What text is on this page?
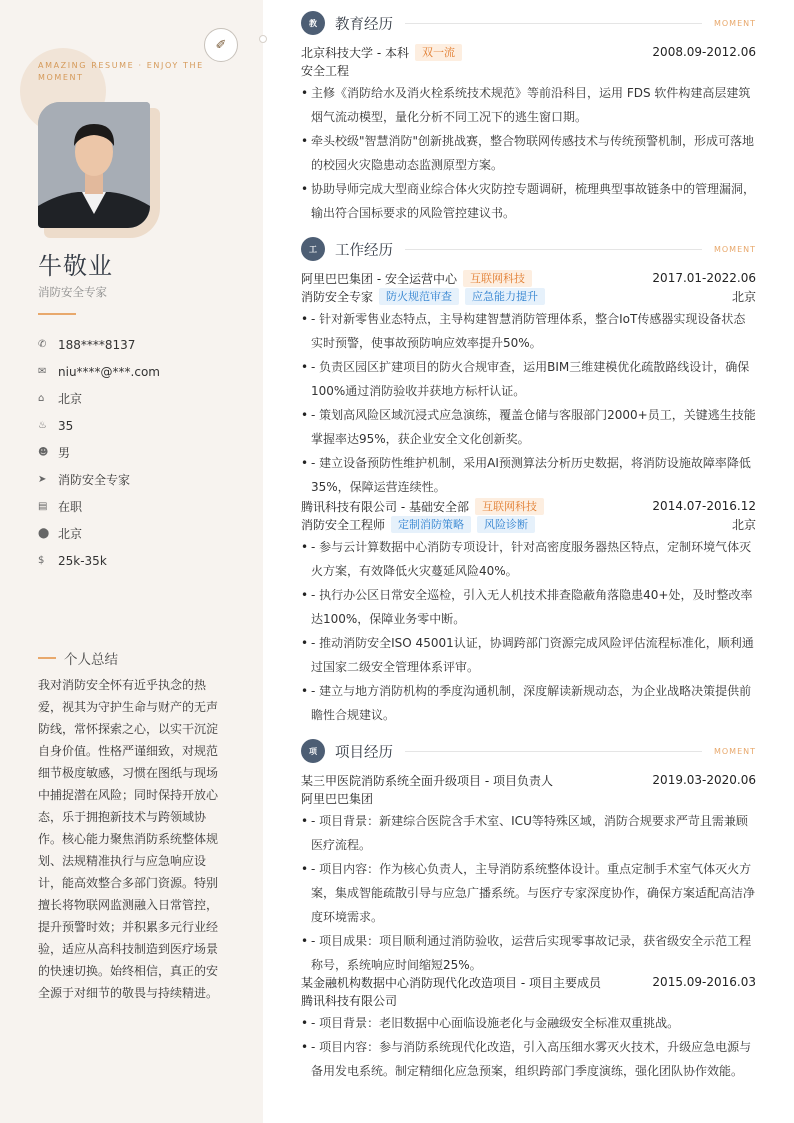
AMAZING RESUME · ENJOY THE MOMENT
牛敬业
消防安全专家
✆ 188****8137
✉ niu****@***.com
⌂	北京
♨ 35
☻ 男
➤ 消防安全专家
▤ 在职
⬤ 北京
$	25k-35k
个人总结
我对消防安全怀有近乎执念的热爱，视其为守护生命与财产的无声防线，常怀探索之心，以实干沉淀自身价值。性格严谨细致，对规范细节极度敏感，习惯在图纸与现场中捕捉潜在风险；同时保持开放心态，乐于拥抱新技术与跨领域协作。核心能力聚焦消防系统整体规划、法规精准执行与应急响应设计，能高效整合多部门资源。特别擅长将物联网监测融入日常管控，提升预警时效；并积累多元行业经验，适应从高科技制造到医疗场景的快速切换。始终相信，真正的安全源于对细节的敬畏与持续精进。
✐
教	教育经历	MOMENT
北京科技大学 - 本科	双一流	2008.09-2012.06
安全工程
• 主修《消防给水及消火栓系统技术规范》等前沿科目，运用 FDS 软件构建高层建筑烟气流动模型，量化分析不同工况下的逃生窗口期。
• 牵头校级"智慧消防"创新挑战赛，整合物联网传感技术与传统预警机制，形成可落地的校园火灾隐患动态监测原型方案。
• 协助导师完成大型商业综合体火灾防控专题调研，梳理典型事故链条中的管理漏洞，输出符合国标要求的风险管控建议书。
工	工作经历	MOMENT
阿里巴巴集团 - 安全运营中心	互联网科技	2017.01-2022.06
消防安全专家	防火规范审查	应急能力提升	北京
• - 针对新零售业态特点，主导构建智慧消防管理体系，整合IoT传感器实现设备状态实时预警，使事故预防响应效率提升50%。
• - 负责区园区扩建项目的防火合规审查，运用BIM三维建模优化疏散路线设计，确保100%通过消防验收并获地方标杆认证。
• - 策划高风险区域沉浸式应急演练，覆盖仓储与客服部门2000+员工，关键逃生技能掌握率达95%，获企业安全文化创新奖。
• - 建立设备预防性维护机制，采用AI预测算法分析历史数据，将消防设施故障率降低35%，保障运营连续性。
腾讯科技有限公司 - 基础安全部	互联网科技	2014.07-2016.12
消防安全工程师	定制消防策略	风险诊断	北京
• - 参与云计算数据中心消防专项设计，针对高密度服务器热区特点，定制环境气体灭火方案，有效降低火灾蔓延风险40%。
• - 执行办公区日常安全巡检，引入无人机技术排查隐蔽角落隐患40+处，及时整改率达100%，保障业务零中断。
• - 推动消防安全ISO 45001认证，协调跨部门资源完成风险评估流程标准化，顺利通过国家二级安全管理体系评审。
• - 建立与地方消防机构的季度沟通机制，深度解读新规动态，为企业战略决策提供前瞻性合规建议。
项	项目经历	MOMENT
某三甲医院消防系统全面升级项目 - 项目负责人	2019.03-2020.06
阿里巴巴集团
• - 项目背景：新建综合医院含手术室、ICU等特殊区域，消防合规要求严苛且需兼顾医疗流程。
• - 项目内容：作为核心负责人，主导消防系统整体设计。重点定制手术室气体灭火方案，集成智能疏散引导与应急广播系统。与医疗专家深度协作，确保方案适配高洁净度环境需求。
• - 项目成果：项目顺利通过消防验收，运营后实现零事故记录，获省级安全示范工程称号，系统响应时间缩短25%。
某金融机构数据中心消防现代化改造项目 - 项目主要成员	2015.09-2016.03
腾讯科技有限公司
• - 项目背景：老旧数据中心面临设施老化与金融级安全标准双重挑战。
• - 项目内容：参与消防系统现代化改造，引入高压细水雾灭火技术，升级应急电源与备用发电系统。制定精细化应急预案，组织跨部门季度演练，强化团队协作效能。
